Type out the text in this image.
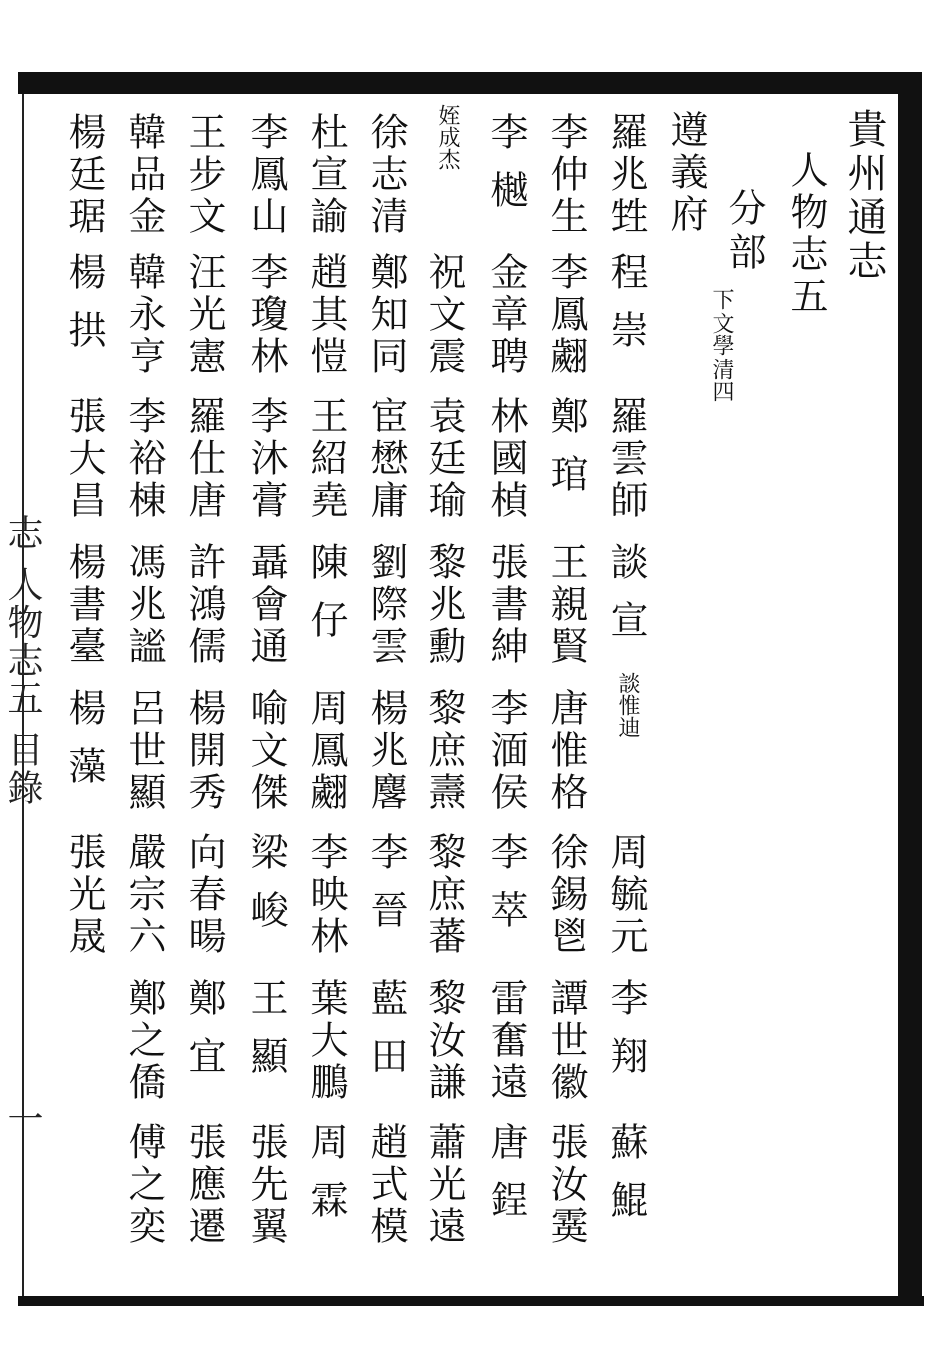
志 人物志五 目錄 一
貴州通志
人物志五
分部
清四
文學
下
遵義府
羅兆甡
程 崇
羅雲師
談 宣
周毓元
李 翔
蘇 鯤
談惟迪
李仲生
李鳳翽
鄭 琯
王親賢
唐惟格
徐錫鬯
譚世徽
張汝霙
李 樾
金章聘
林國楨
張書紳
李湎侯
李 萃
雷奮遠
唐 鋥
祝文震
袁廷瑜
黎兆勳
黎庶燾
黎庶蕃
黎汝謙
蕭光遠
姪成杰
徐志清
鄭知同
宦懋庸
劉際雲
楊兆麐
李 晉
藍 田
趙式模
杜宣諭
趙其愷
王紹堯
陳 仔
周鳳翽
李映林
葉大鵬
周 霖
李鳳山
李瓊林
李沐膏
聶會通
喻文傑
梁 峻
王 顯
張先翼
王步文
汪光憲
羅仕唐
許鴻儒
楊開秀
向春暘
鄭 宜
張應遷
韓品金
韓永亨
李裕棟
馮兆謐
呂世顯
嚴宗六
鄭之僑
傅之奕
楊廷琚
楊 拱
張大昌
楊書臺
楊 藻
張光晟
